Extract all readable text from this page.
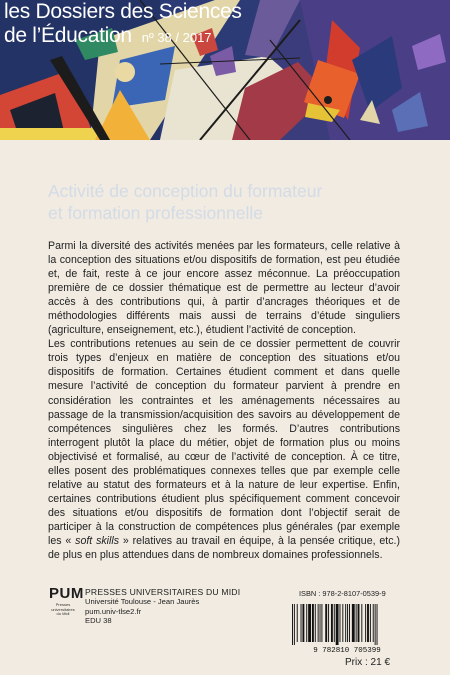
les Dossiers des Sciences
de l’Éducation nº 38 / 2017
Activité de conception du formateur
et formation professionnelle

Parmi la diversité des activités menées par les formateurs, celle relative à la conception des situations et/ou dispositifs de formation, est peu étudiée et, de fait, reste à ce jour encore assez méconnue. La préoccupation première de ce dossier thématique est de permettre au lecteur d’avoir accès à des contributions qui, à partir d’ancrages théoriques et de méthodologies différents mais aussi de terrains d’étude singuliers (agriculture, enseignement, etc.), étudient l’activité de conception.

Les contributions retenues au sein de ce dossier permettent de couvrir trois types d’enjeux en matière de conception des situations et/ou dispositifs de formation. Certaines étudient comment et dans quelle mesure l’activité de conception du formateur parvient à prendre en considération les contraintes et les aménagements nécessaires au passage de la transmission/acquisition des savoirs au développement de compétences singulières chez les formés. D’autres contributions interrogent plutôt la place du métier, objet de formation plus ou moins objectivisé et formalisé, au cœur de l’activité de conception. À ce titre, elles posent des problématiques connexes telles que par exemple celle relative au statut des formateurs et à la nature de leur expertise. Enfin, certaines contributions étudient plus spécifiquement comment concevoir des situations et/ou dispositifs de formation dont l’objectif serait de participer à la construction de compétences plus générales (par exemple les « soft skills » relatives au travail en équipe, à la pensée critique, etc.) de plus en plus attendues dans de nombreux domaines professionnels.

PUM
Presses universitaires du Midi
PRESSES UNIVERSITAIRES DU MIDI
Université Toulouse - Jean Jaurès
pum.univ-tlse2.fr
EDU 38
ISBN : 978-2-8107-0539-9
9 782810 705399
Prix : 21 €
